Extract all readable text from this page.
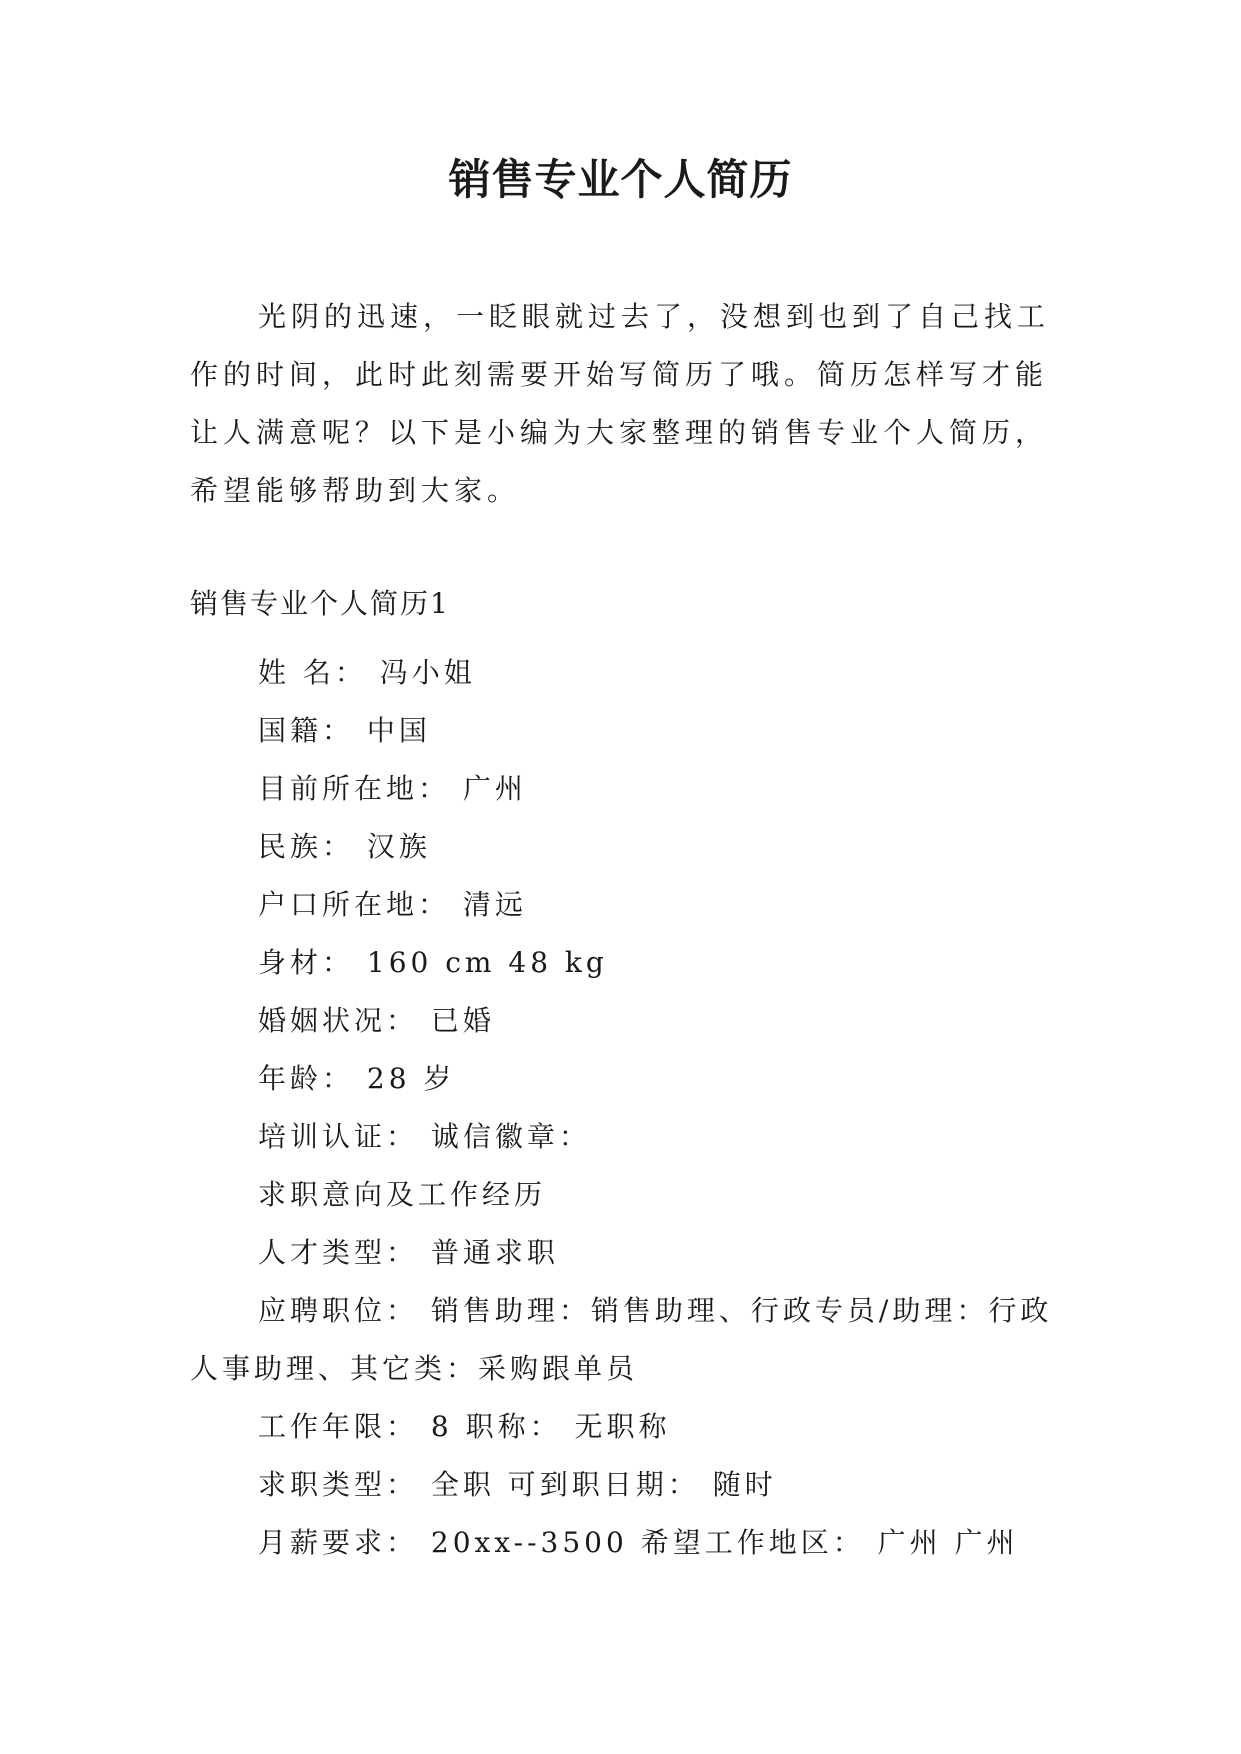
销售专业个人简历

光阴的迅速，一眨眼就过去了，没想到也到了自己找工作的时间，此时此刻需要开始写简历了哦。简历怎样写才能让人满意呢？以下是小编为大家整理的销售专业个人简历，希望能够帮助到大家。

销售专业个人简历1
姓 名： 冯小姐
国籍： 中国
目前所在地： 广州
民族： 汉族
户口所在地： 清远
身材： 160 cm 48 kg
婚姻状况： 已婚
年龄： 28 岁
培训认证： 诚信徽章：
求职意向及工作经历
人才类型： 普通求职
应聘职位： 销售助理：销售助理、行政专员/助理：行政人事助理、其它类：采购跟单员
工作年限： 8 职称： 无职称
求职类型： 全职 可到职日期： 随时
月薪要求： 20xx--3500 希望工作地区： 广州 广州
